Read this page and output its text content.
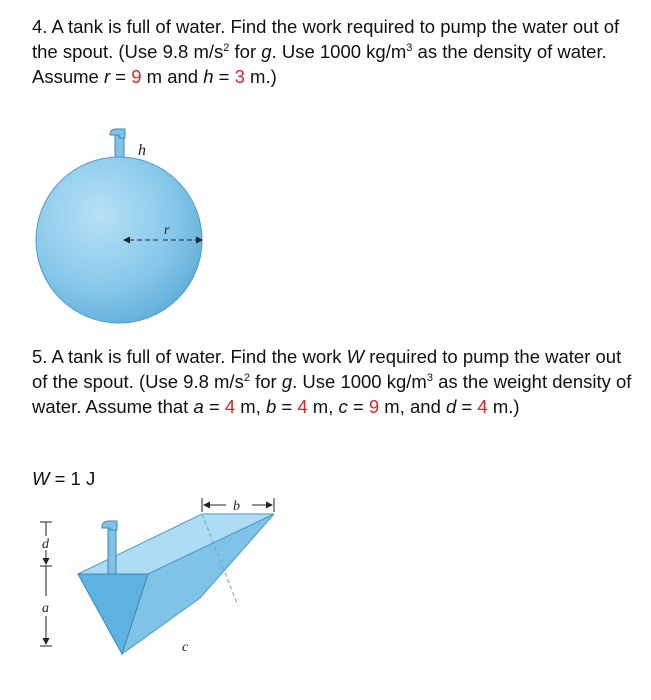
4. A tank is full of water. Find the work required to pump the water out of the spout. (Use 9.8 $m/s^2$ for g. Use 1000 $kg/m^3$ as the density of water. Assume r = 9 m and h = 3 m.)
r
h
5. A tank is full of water. Find the work W required to pump the water out of the spout. (Use 9.8 $m/s^2$ for g. Use 1000 $kg/m^3$ as the weight density of water. Assume that a = 4 m, b = 4 m, c = 9 m, and d = 4 m.)
W = 1 J
d
a
b
c
